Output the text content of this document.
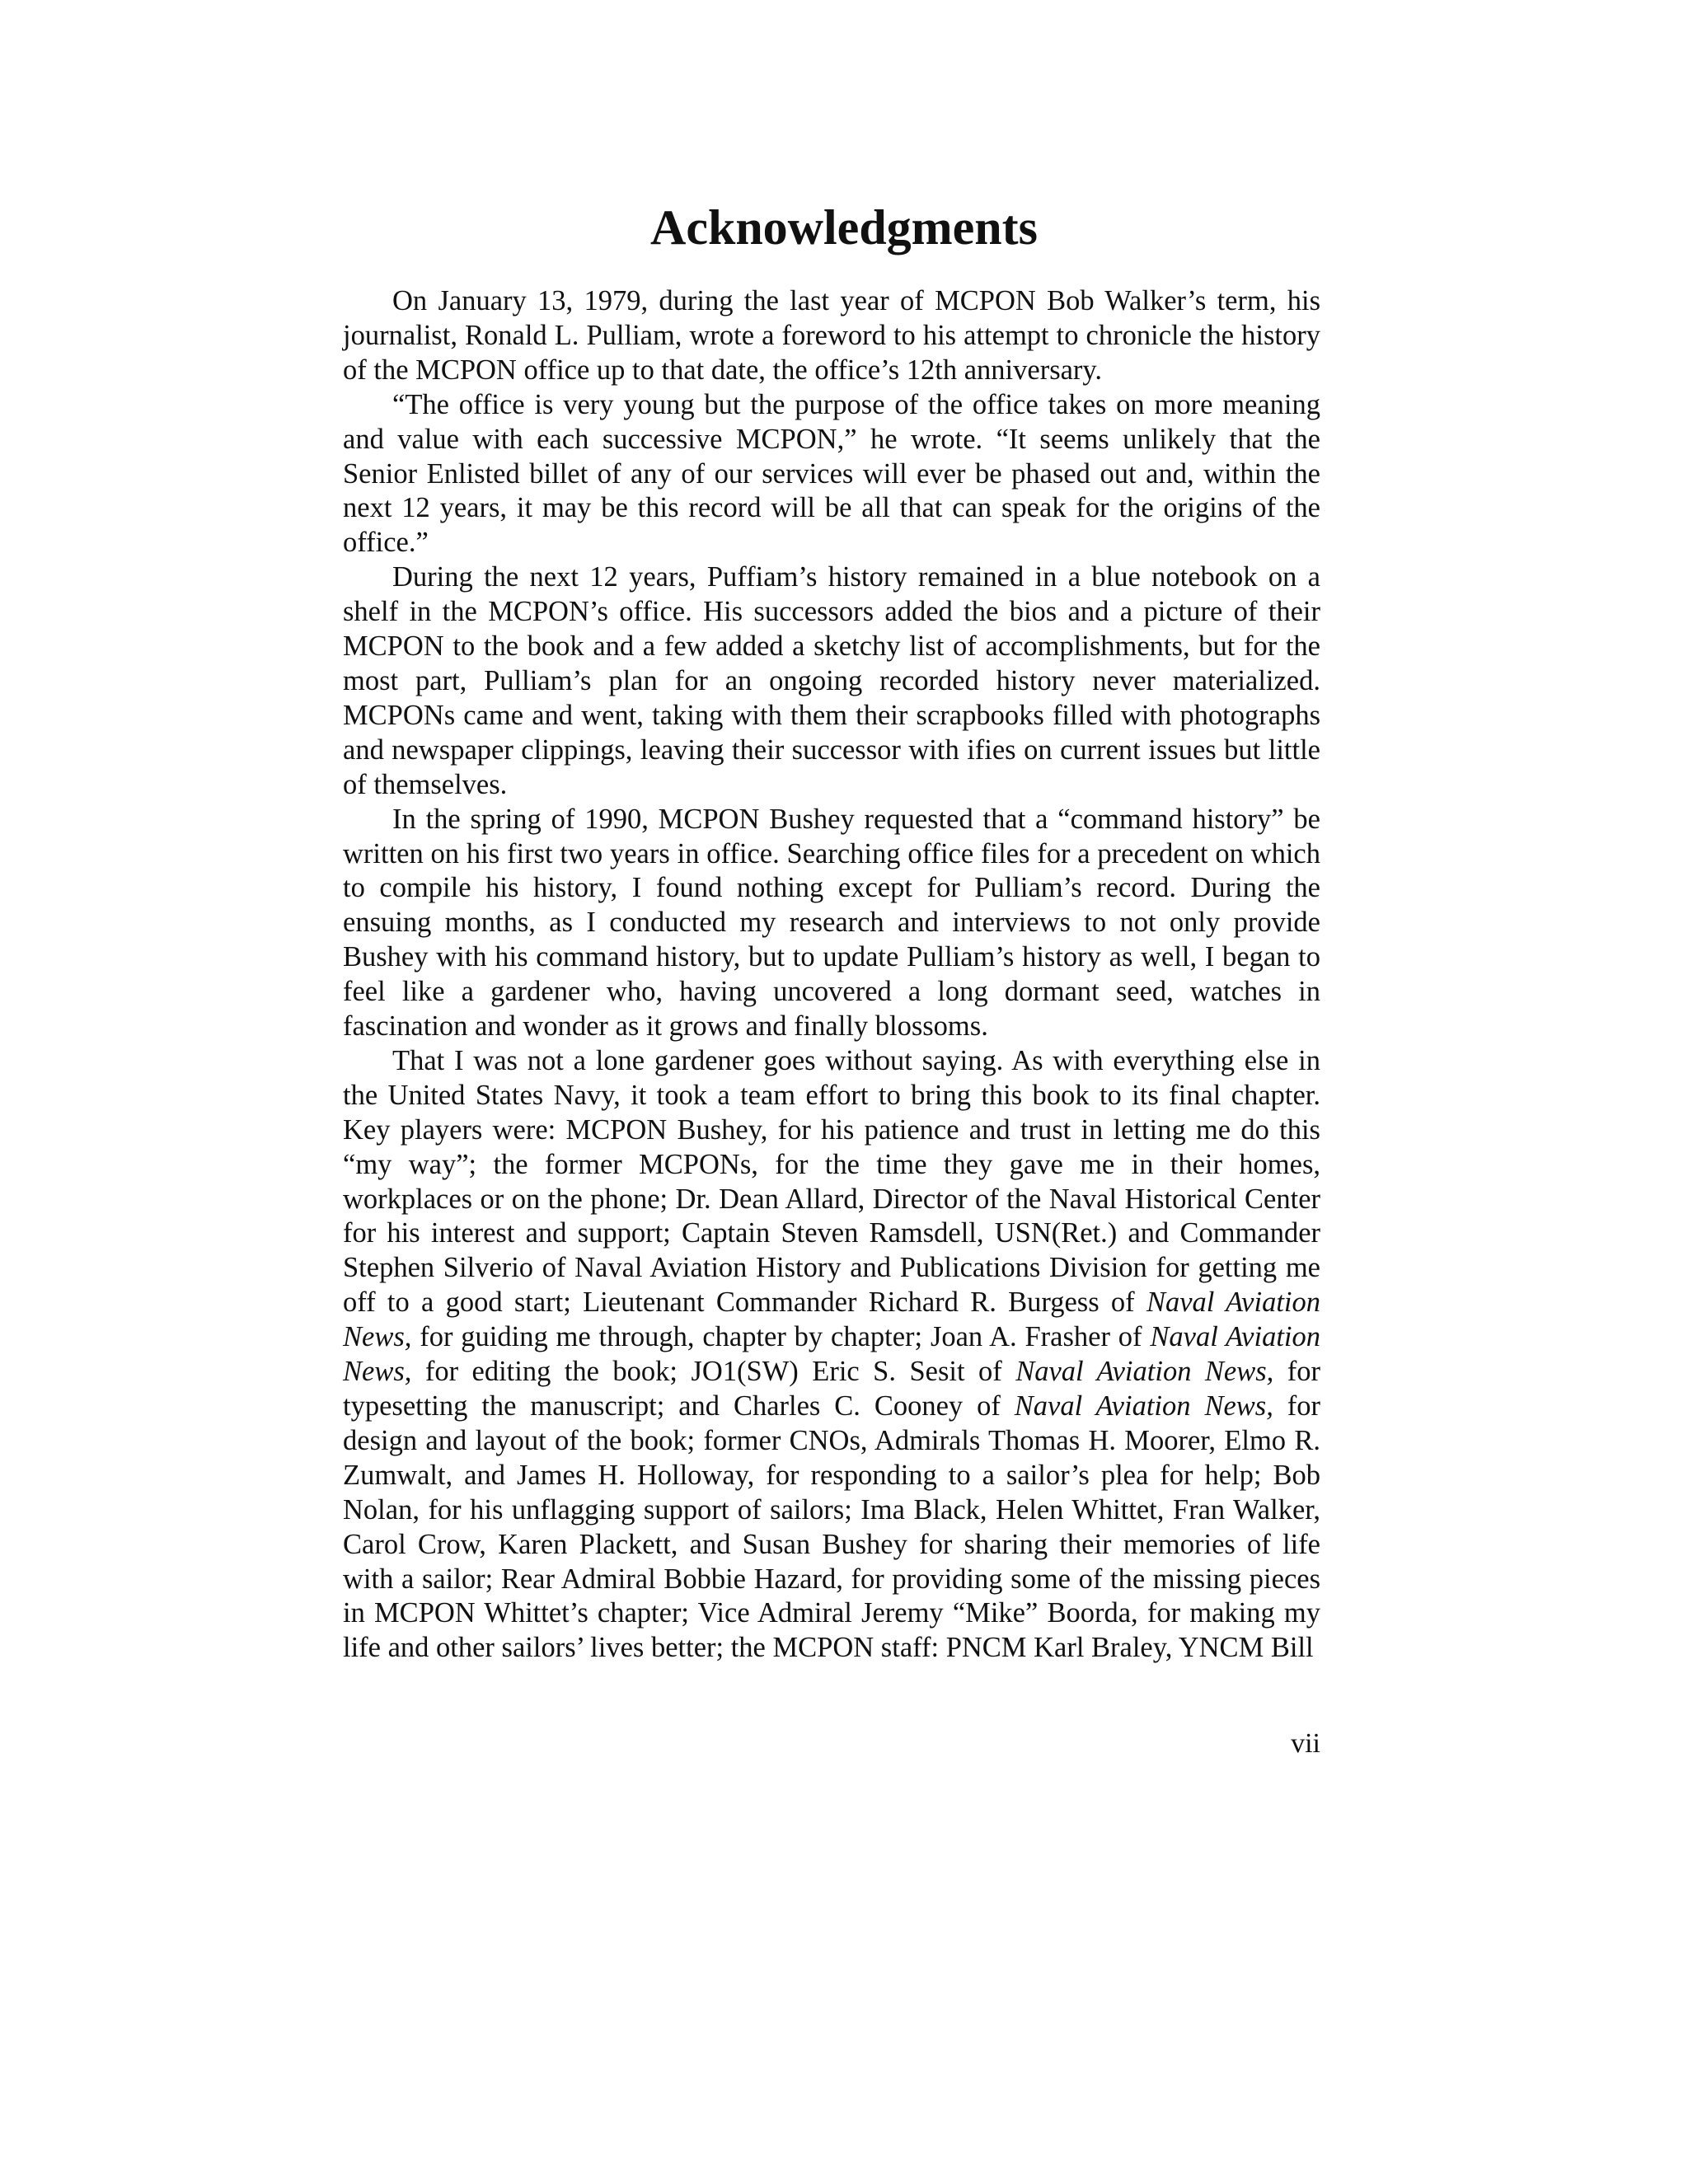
Acknowledgments

On January 13, 1979, during the last year of MCPON Bob Walker’s term, his journalist, Ronald L. Pulliam, wrote a foreword to his attempt to chronicle the history of the MCPON office up to that date, the office’s 12th anniversary.

“The office is very young but the purpose of the office takes on more meaning and value with each successive MCPON,” he wrote. “It seems unlikely that the Senior Enlisted billet of any of our services will ever be phased out and, within the next 12 years, it may be this record will be all that can speak for the origins of the office.”

During the next 12 years, Puffiam’s history remained in a blue notebook on a shelf in the MCPON’s office. His successors added the bios and a picture of their MCPON to the book and a few added a sketchy list of accomplishments, but for the most part, Pulliam’s plan for an ongoing recorded history never materialized. MCPONs came and went, taking with them their scrapbooks filled with photographs and newspaper clippings, leaving their successor with ifies on current issues but little of themselves.

In the spring of 1990, MCPON Bushey requested that a “command history” be written on his first two years in office. Searching office files for a precedent on which to compile his history, I found nothing except for Pulliam’s record. During the ensuing months, as I conducted my research and interviews to not only provide Bushey with his command history, but to update Pulliam’s history as well, I began to feel like a gardener who, having uncovered a long dormant seed, watches in fascination and wonder as it grows and finally blossoms.

That I was not a lone gardener goes without saying. As with everything else in the United States Navy, it took a team effort to bring this book to its final chapter. Key players were: MCPON Bushey, for his patience and trust in letting me do this “my way”; the former MCPONs, for the time they gave me in their homes, workplaces or on the phone; Dr. Dean Allard, Director of the Naval Historical Center for his interest and support; Captain Steven Ramsdell, USN(Ret.) and Commander Stephen Silverio of Naval Aviation History and Publications Division for getting me off to a good start; Lieutenant Commander Richard R. Burgess of Naval Aviation News, for guiding me through, chapter by chapter; Joan A. Frasher of Naval Aviation News, for editing the book; JO1(SW) Eric S. Sesit of Naval Aviation News, for typesetting the manuscript; and Charles C. Cooney of Naval Aviation News, for design and layout of the book; former CNOs, Admirals Thomas H. Moorer, Elmo R. Zumwalt, and James H. Holloway, for responding to a sailor’s plea for help; Bob Nolan, for his unflagging support of sailors; Ima Black, Helen Whittet, Fran Walker, Carol Crow, Karen Plackett, and Susan Bushey for sharing their memories of life with a sailor; Rear Admiral Bobbie Hazard, for providing some of the missing pieces in MCPON Whittet’s chapter; Vice Admiral Jeremy “Mike” Boorda, for making my life and other sailors’ lives better; the MCPON staff: PNCM Karl Braley, YNCM Bill

vii
